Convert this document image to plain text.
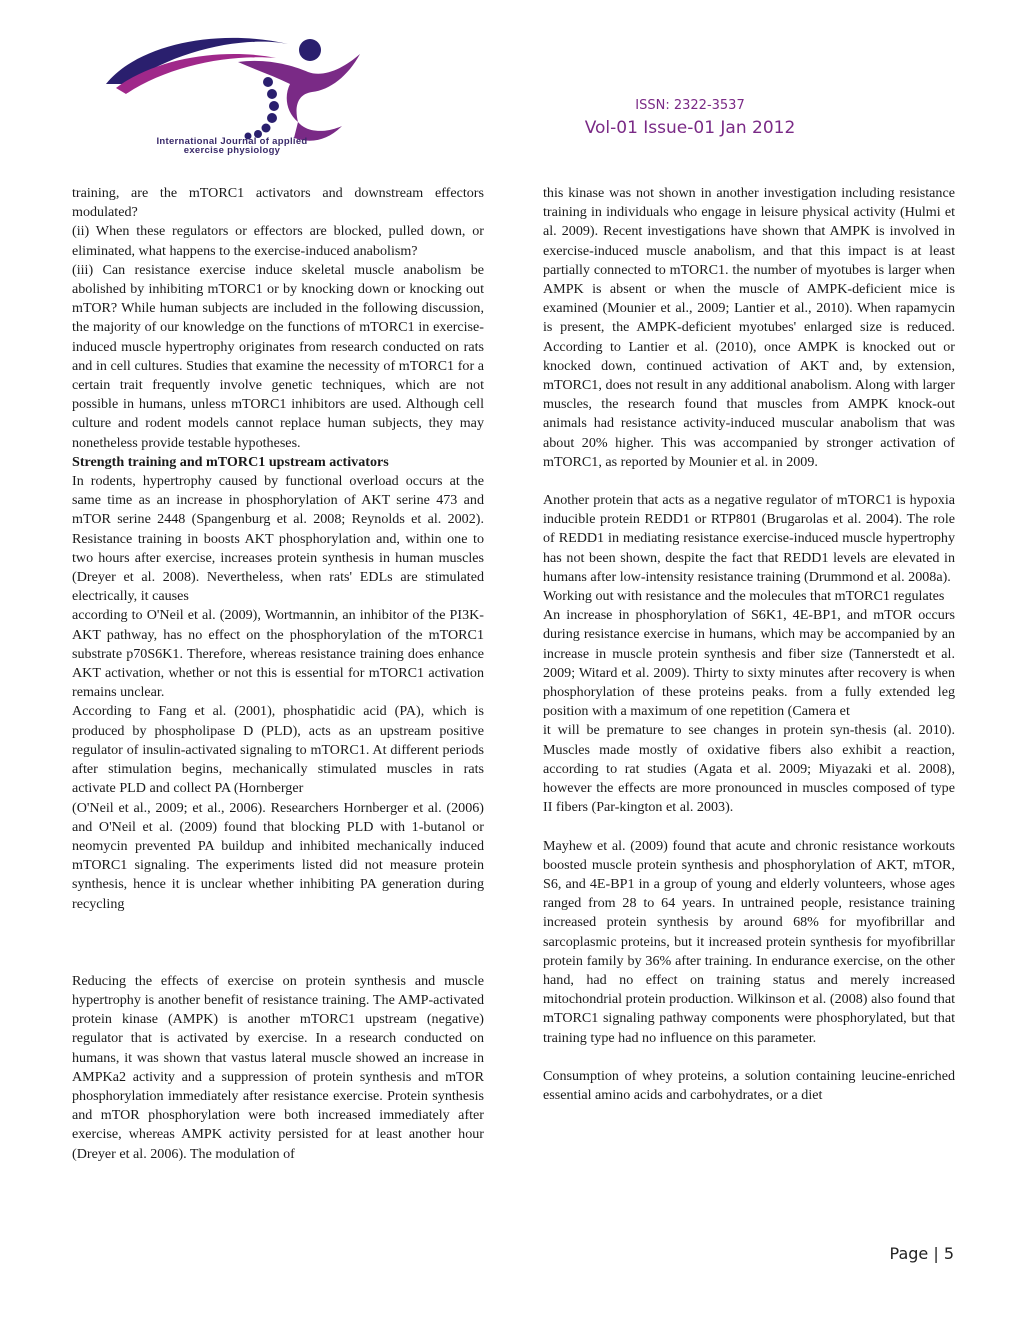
International Journal of applied
exercise physiology
ISSN: 2322-3537
Vol-01 Issue-01 Jan 2012

training, are the mTORC1 activators and downstream effectors modulated?

(ii) When these regulators or effectors are blocked, pulled down, or eliminated, what happens to the exercise-induced anabolism?

(iii) Can resistance exercise induce skeletal muscle anabolism be abolished by inhibiting mTORC1 or by knocking down or knocking out mTOR? While human subjects are included in the following discussion, the majority of our knowledge on the functions of mTORC1 in exercise-induced muscle hypertrophy originates from research conducted on rats and in cell cultures. Studies that examine the necessity of mTORC1 for a certain trait frequently involve genetic techniques, which are not possible in humans, unless mTORC1 inhibitors are used. Although cell culture and rodent models cannot replace human subjects, they may nonetheless provide testable hypotheses.

Strength training and mTORC1 upstream activators

In rodents, hypertrophy caused by functional overload occurs at the same time as an increase in phosphorylation of AKT serine 473 and mTOR serine 2448 (Spangenburg et al. 2008; Reynolds et al. 2002). Resistance training in boosts AKT phosphorylation and, within one to two hours after exercise, increases protein synthesis in human muscles (Dreyer et al. 2008). Nevertheless, when rats' EDLs are stimulated electrically, it causes

according to O'Neil et al. (2009), Wortmannin, an inhibitor of the PI3K-AKT pathway, has no effect on the phosphorylation of the mTORC1 substrate p70S6K1. Therefore, whereas resistance training does enhance AKT activation, whether or not this is essential for mTORC1 activation remains unclear.

According to Fang et al. (2001), phosphatidic acid (PA), which is produced by phospholipase D (PLD), acts as an upstream positive regulator of insulin-activated signaling to mTORC1. At different periods after stimulation begins, mechanically stimulated muscles in rats activate PLD and collect PA (Hornberger

(O'Neil et al., 2009; et al., 2006). Researchers Hornberger et al. (2006) and O'Neil et al. (2009) found that blocking PLD with 1-butanol or neomycin prevented PA buildup and inhibited mechanically induced mTORC1 signaling. The experiments listed did not measure protein synthesis, hence it is unclear whether inhibiting PA generation during recycling

Reducing the effects of exercise on protein synthesis and muscle hypertrophy is another benefit of resistance training. The AMP-activated protein kinase (AMPK) is another mTORC1 upstream (negative) regulator that is activated by exercise. In a research conducted on humans, it was shown that vastus lateral muscle showed an increase in AMPKa2 activity and a suppression of protein synthesis and mTOR phosphorylation immediately after resistance exercise. Protein synthesis and mTOR phosphorylation were both increased immediately after exercise, whereas AMPK activity persisted for at least another hour (Dreyer et al. 2006). The modulation of

this kinase was not shown in another investigation including resistance training in individuals who engage in leisure physical activity (Hulmi et al. 2009). Recent investigations have shown that AMPK is involved in exercise-induced muscle anabolism, and that this impact is at least partially connected to mTORC1. the number of myotubes is larger when AMPK is absent or when the muscle of AMPK-deficient mice is examined (Mounier et al., 2009; Lantier et al., 2010). When rapamycin is present, the AMPK-deficient myotubes' enlarged size is reduced. According to Lantier et al. (2010), once AMPK is knocked out or knocked down, continued activation of AKT and, by extension, mTORC1, does not result in any additional anabolism. Along with larger muscles, the research found that muscles from AMPK knock-out animals had resistance activity-induced muscular anabolism that was about 20% higher. This was accompanied by stronger activation of mTORC1, as reported by Mounier et al. in 2009.

Another protein that acts as a negative regulator of mTORC1 is hypoxia inducible protein REDD1 or RTP801 (Brugarolas et al. 2004). The role of REDD1 in mediating resistance exercise-induced muscle hypertrophy has not been shown, despite the fact that REDD1 levels are elevated in humans after low-intensity resistance training (Drummond et al. 2008a).

Working out with resistance and the molecules that mTORC1 regulates

An increase in phosphorylation of S6K1, 4E-BP1, and mTOR occurs during resistance exercise in humans, which may be accompanied by an increase in muscle protein synthesis and fiber size (Tannerstedt et al. 2009; Witard et al. 2009). Thirty to sixty minutes after recovery is when phosphorylation of these proteins peaks. from a fully extended leg position with a maximum of one repetition (Camera et

it will be premature to see changes in protein syn-thesis (al. 2010). Muscles made mostly of oxidative fibers also exhibit a reaction, according to rat studies (Agata et al. 2009; Miyazaki et al. 2008), however the effects are more pronounced in muscles composed of type II fibers (Par-kington et al. 2003).

Mayhew et al. (2009) found that acute and chronic resistance workouts boosted muscle protein synthesis and phosphorylation of AKT, mTOR, S6, and 4E-BP1 in a group of young and elderly volunteers, whose ages ranged from 28 to 64 years. In untrained people, resistance training increased protein synthesis by around 68% for myofibrillar and sarcoplasmic proteins, but it increased protein synthesis for myofibrillar protein family by 36% after training. In endurance exercise, on the other hand, had no effect on training status and merely increased mitochondrial protein production. Wilkinson et al. (2008) also found that mTORC1 signaling pathway components were phosphorylated, but that training type had no influence on this parameter.

Consumption of whey proteins, a solution containing leucine-enriched essential amino acids and carbohydrates, or a diet

Page | 5
